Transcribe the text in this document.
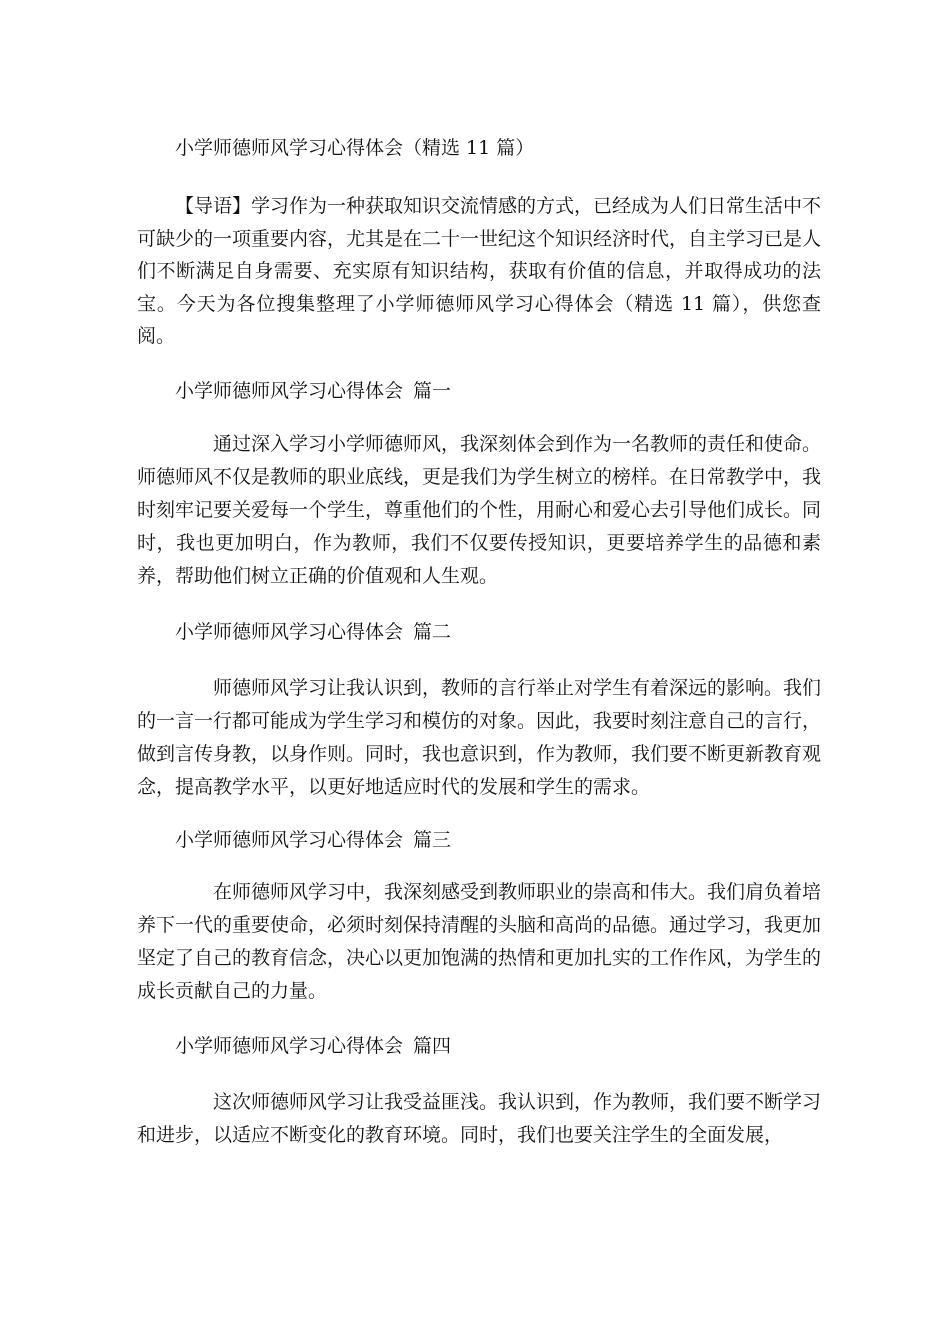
小学师德师风学习心得体会（精选 11 篇）

【导语】学习作为一种获取知识交流情感的方式，已经成为人们日常生活中不可缺少的一项重要内容，尤其是在二十一世纪这个知识经济时代，自主学习已是人们不断满足自身需要、充实原有知识结构，获取有价值的信息，并取得成功的法宝。今天为各位搜集整理了小学师德师风学习心得体会（精选 11 篇），供您查阅。

小学师德师风学习心得体会 篇一

通过深入学习小学师德师风，我深刻体会到作为一名教师的责任和使命。师德师风不仅是教师的职业底线，更是我们为学生树立的榜样。在日常教学中，我时刻牢记要关爱每一个学生，尊重他们的个性，用耐心和爱心去引导他们成长。同时，我也更加明白，作为教师，我们不仅要传授知识，更要培养学生的品德和素养，帮助他们树立正确的价值观和人生观。

小学师德师风学习心得体会 篇二

师德师风学习让我认识到，教师的言行举止对学生有着深远的影响。我们的一言一行都可能成为学生学习和模仿的对象。因此，我要时刻注意自己的言行，做到言传身教，以身作则。同时，我也意识到，作为教师，我们要不断更新教育观念，提高教学水平，以更好地适应时代的发展和学生的需求。

小学师德师风学习心得体会 篇三

在师德师风学习中，我深刻感受到教师职业的崇高和伟大。我们肩负着培养下一代的重要使命，必须时刻保持清醒的头脑和高尚的品德。通过学习，我更加坚定了自己的教育信念，决心以更加饱满的热情和更加扎实的工作作风，为学生的成长贡献自己的力量。

小学师德师风学习心得体会 篇四

这次师德师风学习让我受益匪浅。我认识到，作为教师，我们要不断学习和进步，以适应不断变化的教育环境。同时，我们也要关注学生的全面发展，
